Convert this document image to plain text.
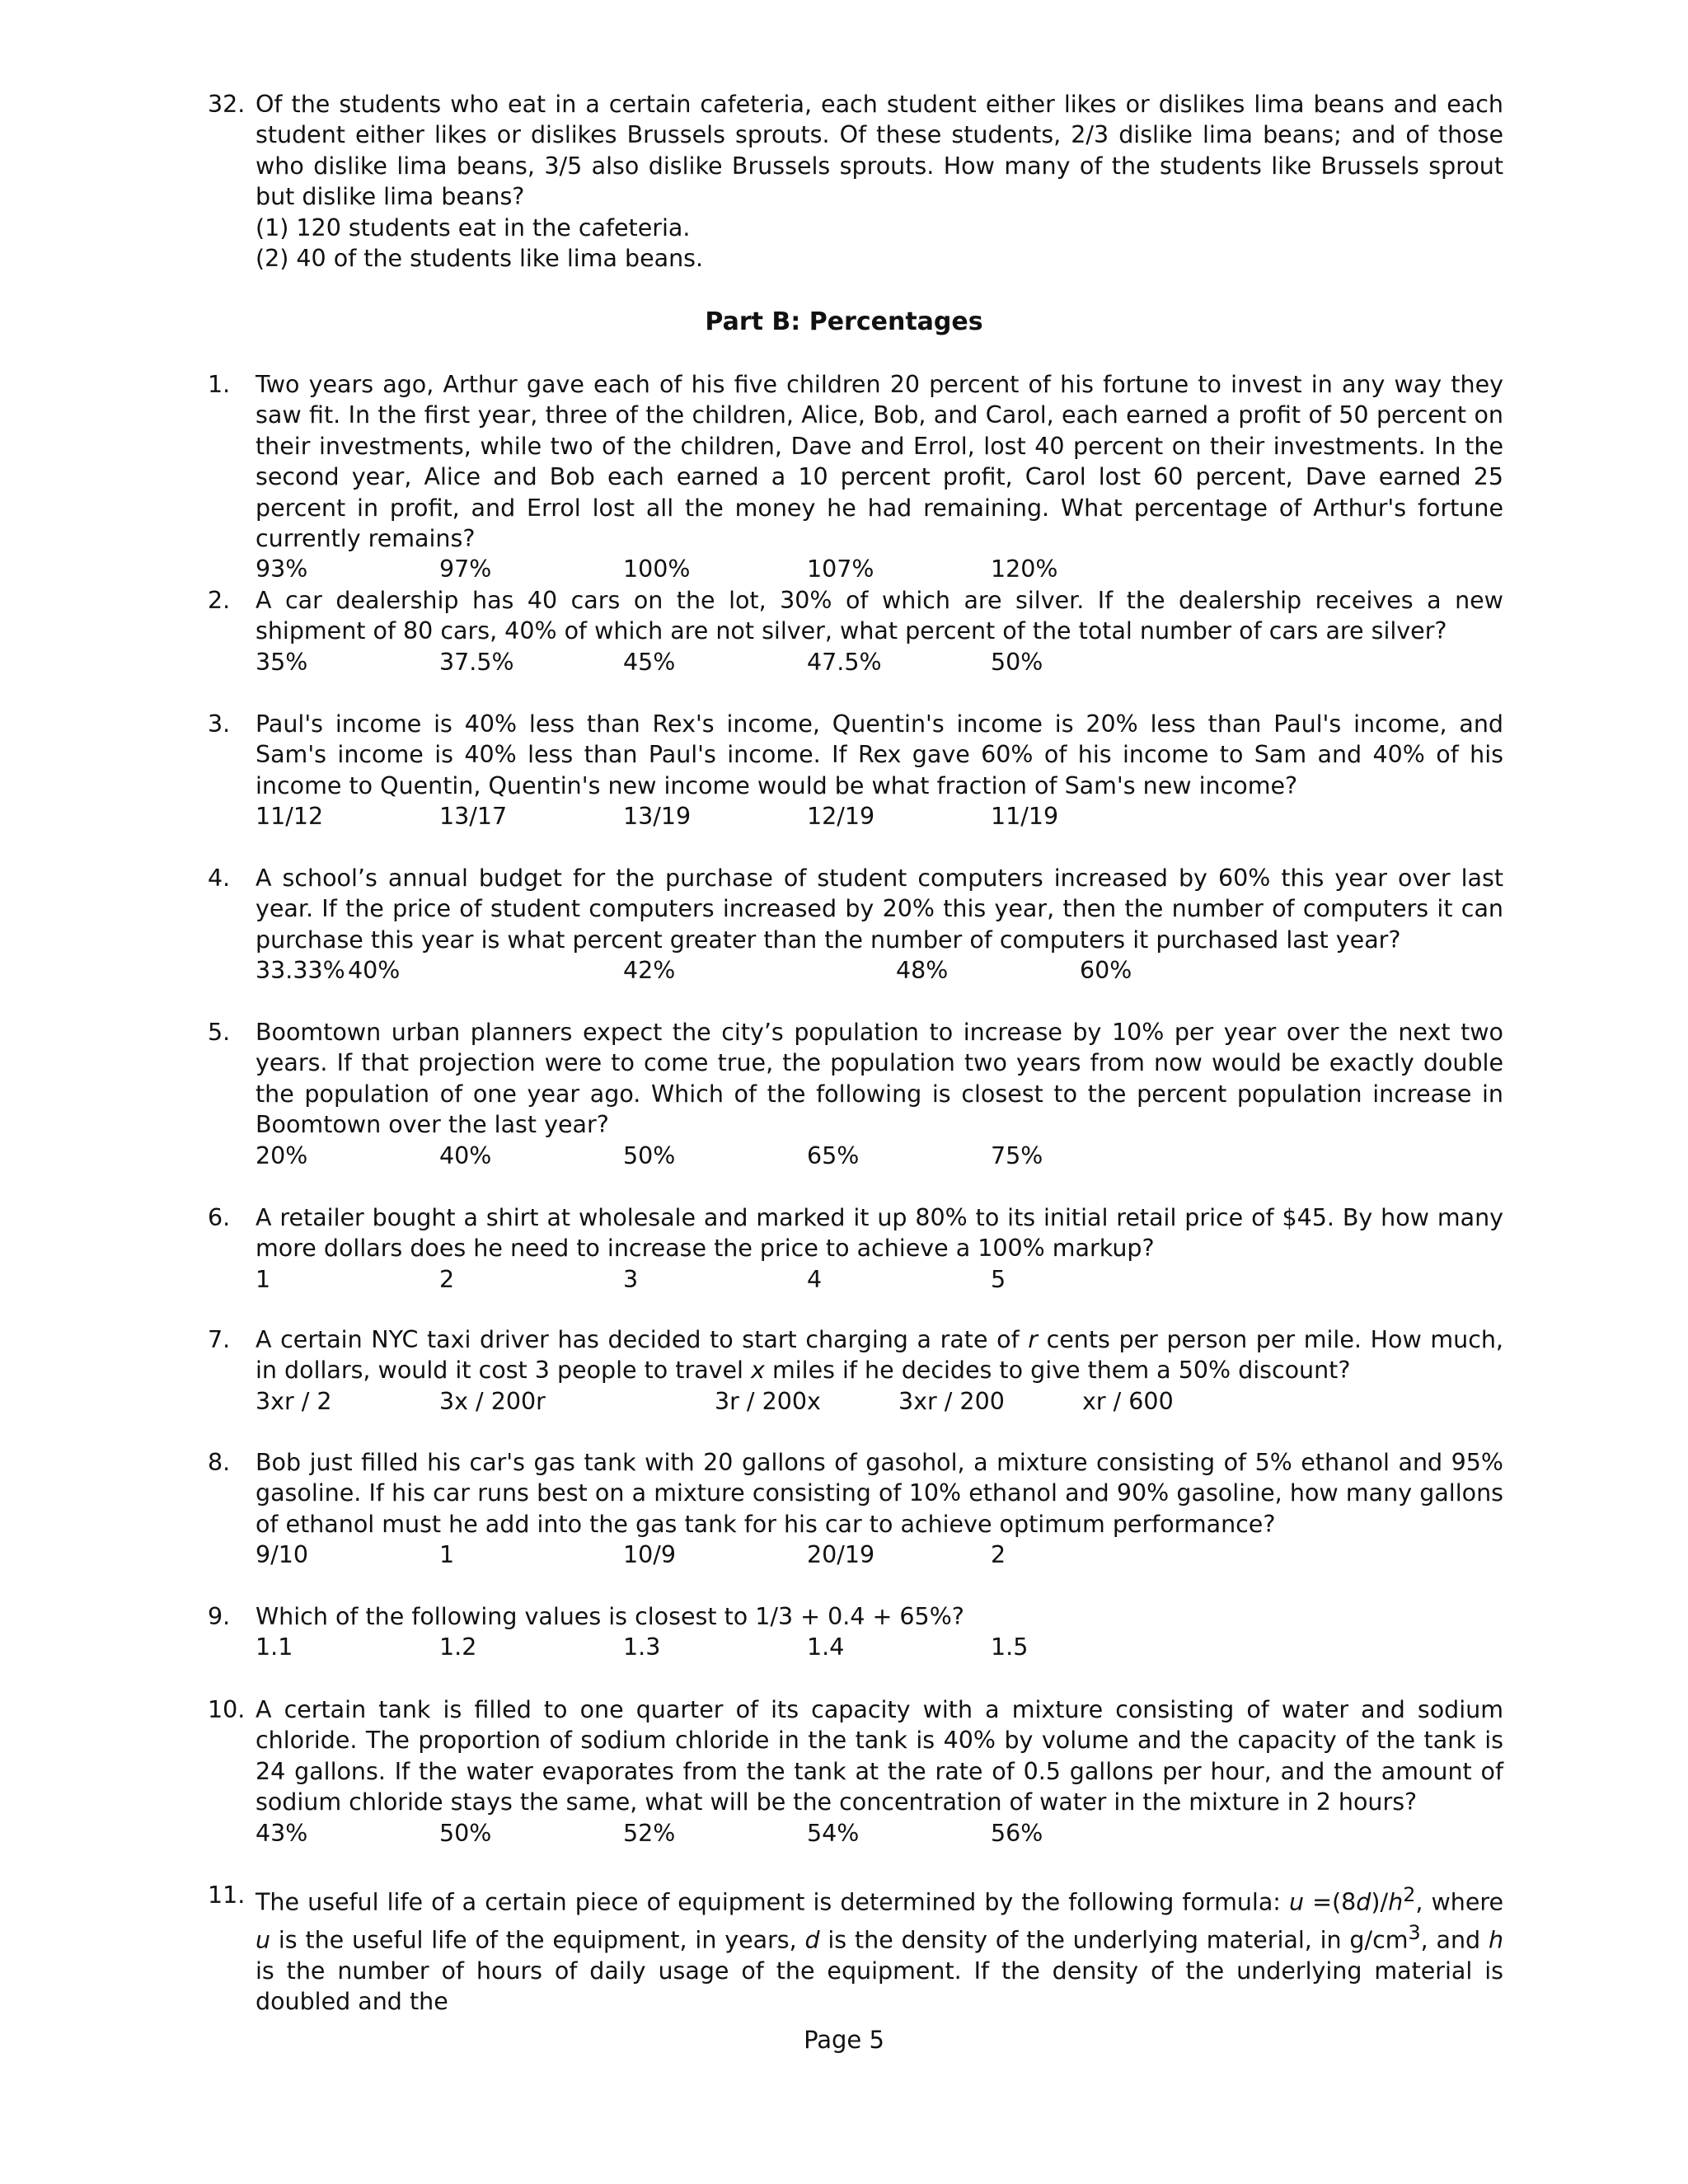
32. Of the students who eat in a certain cafeteria, each student either likes or dislikes lima beans and each student either likes or dislikes Brussels sprouts. Of these students, 2/3 dislike lima beans; and of those who dislike lima beans, 3/5 also dislike Brussels sprouts. How many of the students like Brussels sprout but dislike lima beans?
(1) 120 students eat in the cafeteria.
(2) 40 of the students like lima beans.
Part B: Percentages
1. Two years ago, Arthur gave each of his five children 20 percent of his fortune to invest in any way they saw fit. In the first year, three of the children, Alice, Bob, and Carol, each earned a profit of 50 percent on their investments, while two of the children, Dave and Errol, lost 40 percent on their investments. In the second year, Alice and Bob each earned a 10 percent profit, Carol lost 60 percent, Dave earned 25 percent in profit, and Errol lost all the money he had remaining. What percentage of Arthur's fortune currently remains?
93%	97%	100%	107%	120%
2. A car dealership has 40 cars on the lot, 30% of which are silver. If the dealership receives a new shipment of 80 cars, 40% of which are not silver, what percent of the total number of cars are silver?
35%	37.5%	45%	47.5%	50%
3. Paul's income is 40% less than Rex's income, Quentin's income is 20% less than Paul's income, and Sam's income is 40% less than Paul's income. If Rex gave 60% of his income to Sam and 40% of his income to Quentin, Quentin's new income would be what fraction of Sam's new income?
11/12	13/17	13/19	12/19	11/19
4. A school’s annual budget for the purchase of student computers increased by 60% this year over last year. If the price of student computers increased by 20% this year, then the number of computers it can purchase this year is what percent greater than the number of computers it purchased last year?
33.33% 40%	42%	48%	60%
5. Boomtown urban planners expect the city’s population to increase by 10% per year over the next two years. If that projection were to come true, the population two years from now would be exactly double the population of one year ago. Which of the following is closest to the percent population increase in Boomtown over the last year?
20%	40%	50%	65%	75%
6. A retailer bought a shirt at wholesale and marked it up 80% to its initial retail price of $45. By how many more dollars does he need to increase the price to achieve a 100% markup?
1	2	3	4	5
7. A certain NYC taxi driver has decided to start charging a rate of r cents per person per mile. How much, in dollars, would it cost 3 people to travel x miles if he decides to give them a 50% discount?
3xr / 2	3x / 200r	3r / 200x	3xr / 200	xr / 600
8. Bob just filled his car's gas tank with 20 gallons of gasohol, a mixture consisting of 5% ethanol and 95% gasoline. If his car runs best on a mixture consisting of 10% ethanol and 90% gasoline, how many gallons of ethanol must he add into the gas tank for his car to achieve optimum performance?
9/10	1	10/9	20/19	2
9. Which of the following values is closest to 1/3 + 0.4 + 65%?
1.1	1.2	1.3	1.4	1.5
10. A certain tank is filled to one quarter of its capacity with a mixture consisting of water and sodium chloride. The proportion of sodium chloride in the tank is 40% by volume and the capacity of the tank is 24 gallons. If the water evaporates from the tank at the rate of 0.5 gallons per hour, and the amount of sodium chloride stays the same, what will be the concentration of water in the mixture in 2 hours?
43%	50%	52%	54%	56%
11. The useful life of a certain piece of equipment is determined by the following formula: $u =(8d)/h^2$, where u is the useful life of the equipment, in years, d is the density of the underlying material, in $g/cm^3$, and h is the number of hours of daily usage of the equipment. If the density of the underlying material is doubled and the
Page 5
